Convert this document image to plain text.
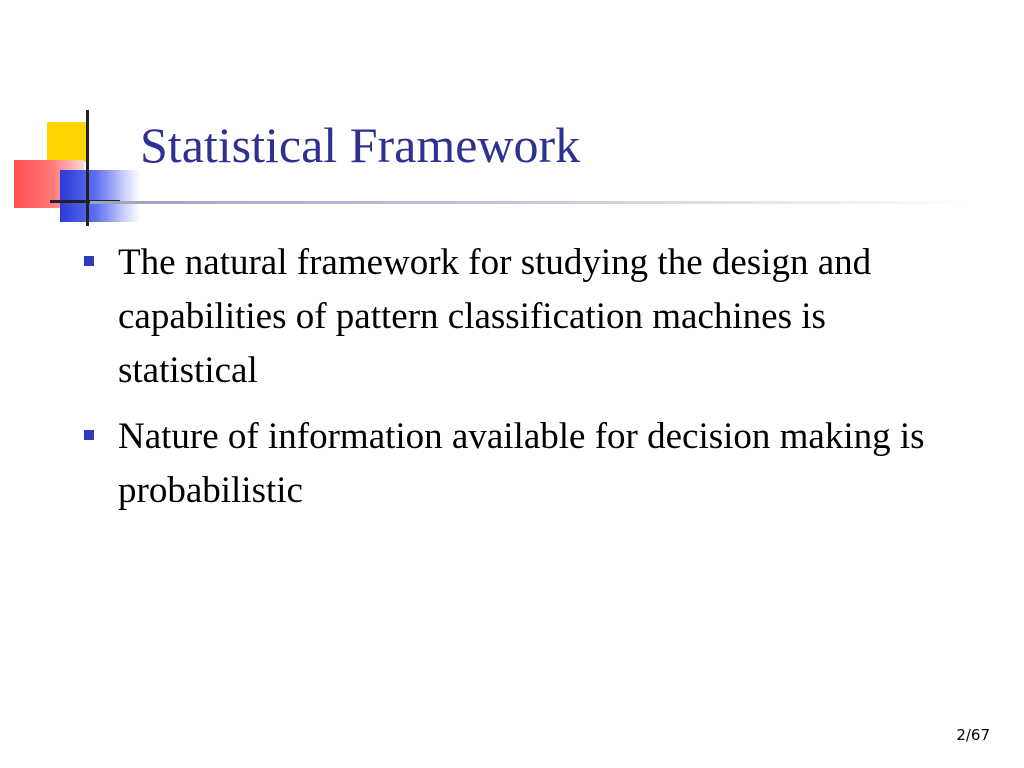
Statistical Framework
The natural framework for studying the design and capabilities of pattern classification machines is statistical
Nature of information available for decision making is probabilistic
2/67
